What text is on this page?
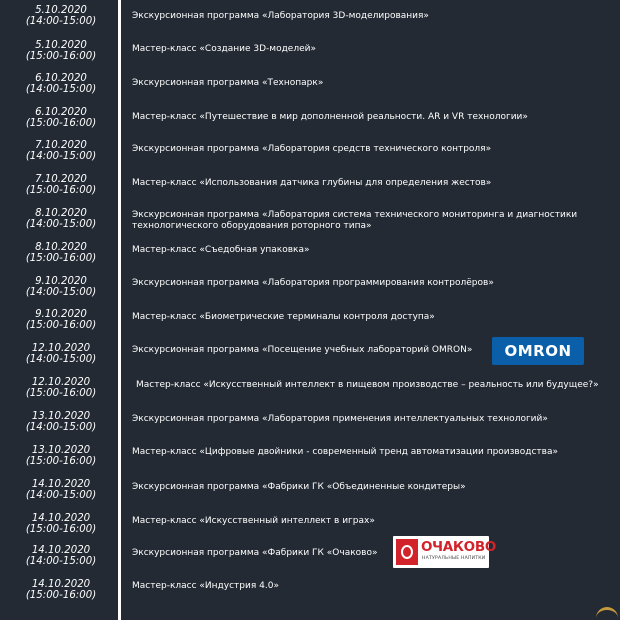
5.10.2020
(14:00-15:00)	Экскурсионная программа «Лаборатория 3D-моделирования»
5.10.2020
(15:00-16:00)
Мастер-класс «Создание 3D-моделей»
6.10.2020
(14:00-15:00)
Экскурсионная программа «Технопарк»
6.10.2020
(15:00-16:00)
Мастер-класс «Путешествие в мир дополненной реальности. AR и VR технологии»
7.10.2020
(14:00-15:00)
Экскурсионная программа «Лаборатория средств технического контроля»
7.10.2020
(15:00-16:00)
Мастер-класс «Использования датчика глубины для определения жестов»
8.10.2020
(14:00-15:00)
Экскурсионная программа «Лаборатория система технического мониторинга и диагностики технологического оборудования роторного типа»
8.10.2020
(15:00-16:00)
Мастер-класс «Съедобная упаковка»
9.10.2020
(14:00-15:00)
Экскурсионная программа «Лаборатория программирования контролёров»
9.10.2020
(15:00-16:00)
Мастер-класс «Биометрические терминалы контроля доступа»
12.10.2020
(14:00-15:00)
Экскурсионная программа «Посещение учебных лабораторий OMRON»
12.10.2020
(15:00-16:00)
Мастер-класс «Искусственный интеллект в пищевом производстве – реальность или будущее?»
13.10.2020
(14:00-15:00)
Экскурсионная программа «Лаборатория применения интеллектуальных технологий»
13.10.2020
(15:00-16:00)
Мастер-класс «Цифровые двойники - современный тренд автоматизации производства»
14.10.2020
(14:00-15:00)
Экскурсионная программа «Фабрики ГК «Объединенные кондитеры»
14.10.2020
(15:00-16:00)
Мастер-класс «Искусственный интеллект в играх»
14.10.2020
(14:00-15:00)
Экскурсионная программа «Фабрики ГК «Очаково»
14.10.2020
(15:00-16:00)
Мастер-класс «Индустрия 4.0»
OMRON
ОЧАКОВО
НАТУРАЛЬНЫЕ НАПИТКИ
